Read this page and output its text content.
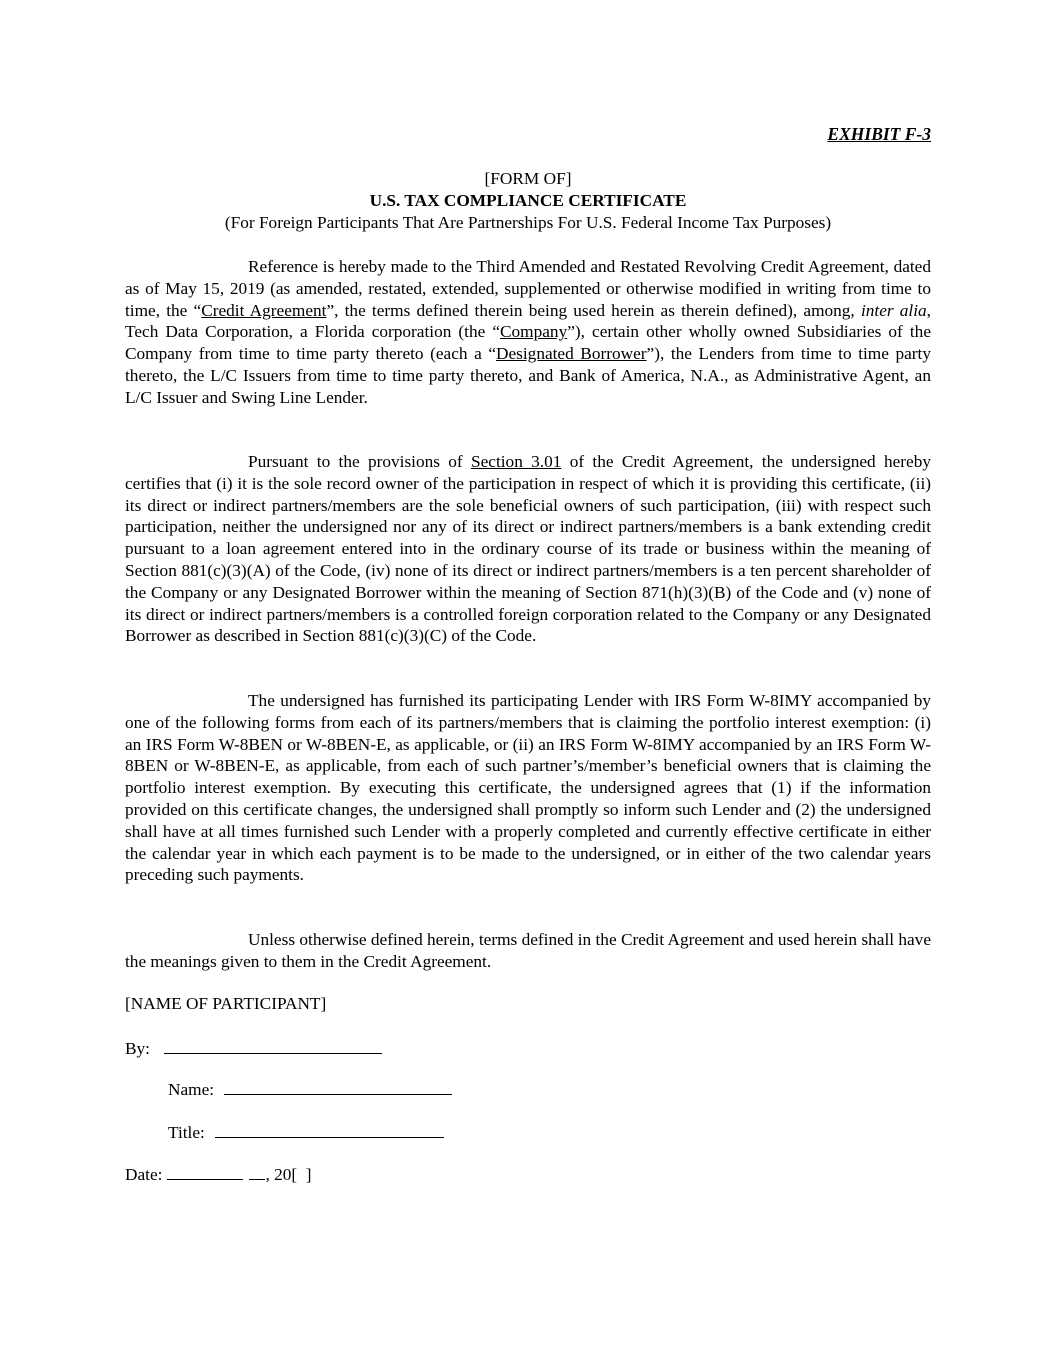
EXHIBIT F-3
[FORM OF]
U.S. TAX COMPLIANCE CERTIFICATE
(For Foreign Participants That Are Partnerships For U.S. Federal Income Tax Purposes)

Reference is hereby made to the Third Amended and Restated Revolving Credit Agreement, dated as of May 15, 2019 (as amended, restated, extended, supplemented or otherwise modified in writing from time to time, the “Credit Agreement”, the terms defined therein being used herein as therein defined), among, inter alia, Tech Data Corporation, a Florida corporation (the “Company”), certain other wholly owned Subsidiaries of the Company from time to time party thereto (each a “Designated Borrower”), the Lenders from time to time party thereto, the L/C Issuers from time to time party thereto, and Bank of America, N.A., as Administrative Agent, an L/C Issuer and Swing Line Lender.

Pursuant to the provisions of Section 3.01 of the Credit Agreement, the undersigned hereby certifies that (i) it is the sole record owner of the participation in respect of which it is providing this certificate, (ii) its direct or indirect partners/members are the sole beneficial owners of such participation, (iii) with respect such participation, neither the undersigned nor any of its direct or indirect partners/members is a bank extending credit pursuant to a loan agreement entered into in the ordinary course of its trade or business within the meaning of Section 881(c)(3)(A) of the Code, (iv) none of its direct or indirect partners/members is a ten percent shareholder of the Company or any Designated Borrower within the meaning of Section 871(h)(3)(B) of the Code and (v) none of its direct or indirect partners/members is a controlled foreign corporation related to the Company or any Designated Borrower as described in Section 881(c)(3)(C) of the Code.

The undersigned has furnished its participating Lender with IRS Form W-8IMY accompanied by one of the following forms from each of its partners/members that is claiming the portfolio interest exemption: (i) an IRS Form W-8BEN or W-8BEN-E, as applicable, or (ii) an IRS Form W-8IMY accompanied by an IRS Form W-8BEN or W-8BEN-E, as applicable, from each of such partner’s/member’s beneficial owners that is claiming the portfolio interest exemption. By executing this certificate, the undersigned agrees that (1) if the information provided on this certificate changes, the undersigned shall promptly so inform such Lender and (2) the undersigned shall have at all times furnished such Lender with a properly completed and currently effective certificate in either the calendar year in which each payment is to be made to the undersigned, or in either of the two calendar years preceding such payments.

Unless otherwise defined herein, terms defined in the Credit Agreement and used herein shall have the meanings given to them in the Credit Agreement.

[NAME OF PARTICIPANT]
By:
Name:
Title:
Date:	, 20[  ]
